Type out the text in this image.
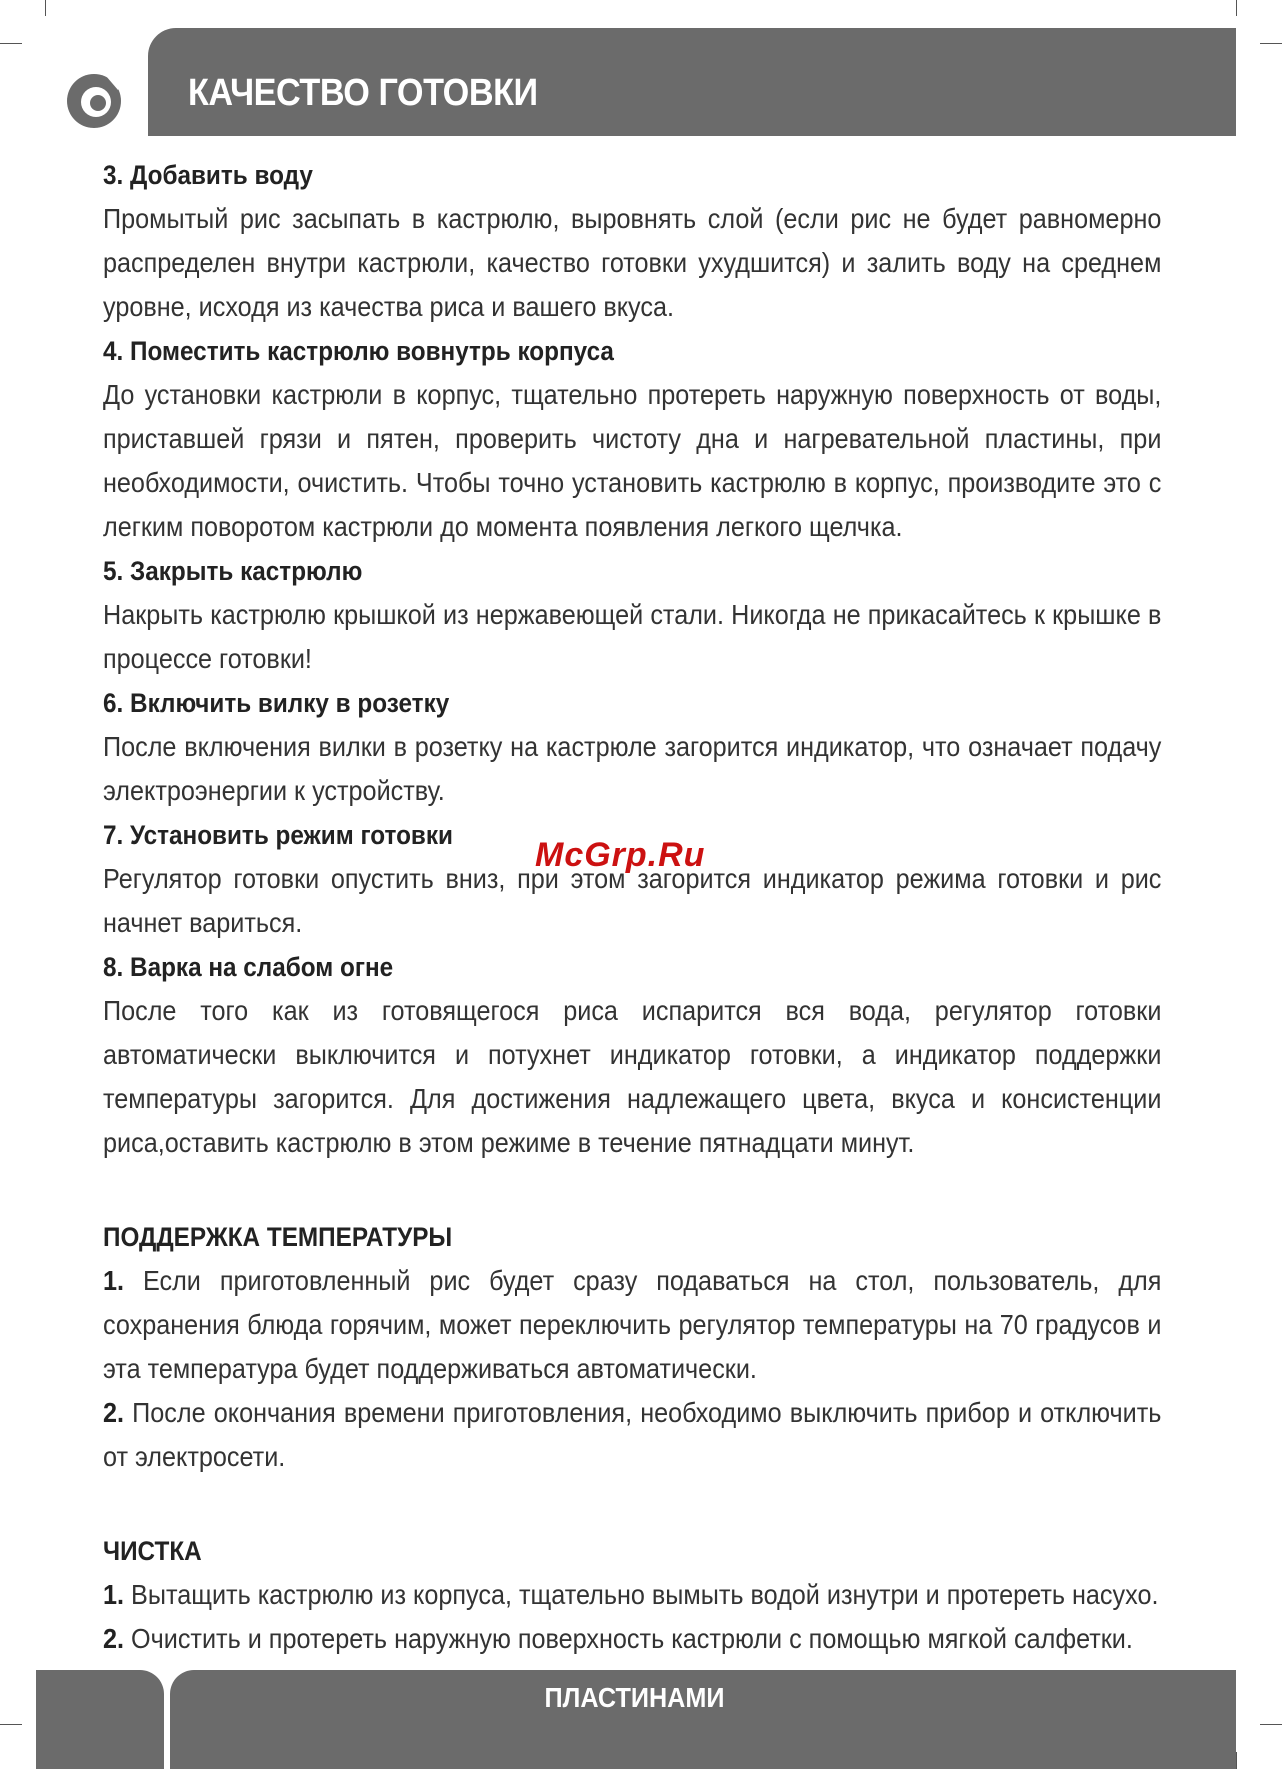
КАЧЕСТВО ГОТОВКИ
3. Добавить воду

Промытый рис засыпать в кастрюлю, выровнять слой (если рис не будет равномерно распределен внутри кастрюли, качество готовки ухудшится) и залить воду на среднем уровне, исходя из качества риса и вашего вкуса.

4. Поместить кастрюлю вовнутрь корпуса

До установки кастрюли в корпус, тщательно протереть наружную поверхность от воды, приставшей грязи и пятен, проверить чистоту дна и нагревательной пластины, при необходимости, очистить. Чтобы точно установить кастрюлю в корпус, производите это с легким поворотом кастрюли до момента появления легкого щелчка.

5. Закрыть кастрюлю

Накрыть кастрюлю крышкой из нержавеющей стали. Никогда не прикасайтесь к крышке в процессе готовки!

6. Включить вилку в розетку

После включения вилки в розетку на кастрюле загорится индикатор, что означает подачу электроэнергии к устройству.

7. Установить режим готовки

Регулятор готовки опустить вниз, при этом загорится индикатор режима готовки и рис начнет вариться.

8. Варка на слабом огне

После того как из готовящегося риса испарится вся вода, регулятор готовки автоматически выключится и потухнет индикатор готовки, а индикатор поддержки температуры загорится. Для достижения надлежащего цвета, вкуса и консистенции риса,оставить кастрюлю в этом режиме в течение пятнадцати минут.

ПОДДЕРЖКА ТЕМПЕРАТУРЫ

1. Если приготовленный рис будет сразу подаваться на стол, пользователь, для сохранения блюда горячим, может переключить регулятор температуры на 70 градусов и эта температура будет поддерживаться автоматически.

2. После окончания времени приготовления, необходимо выключить прибор и отключить от электросети.

ЧИСТКА

1. Вытащить кастрюлю из корпуса, тщательно вымыть водой изнутри и протереть насухо.

2. Очистить и протереть наружную поверхность кастрюли с помощью мягкой салфетки.

McGrp.Ru
ПЛАСТИНАМИ
